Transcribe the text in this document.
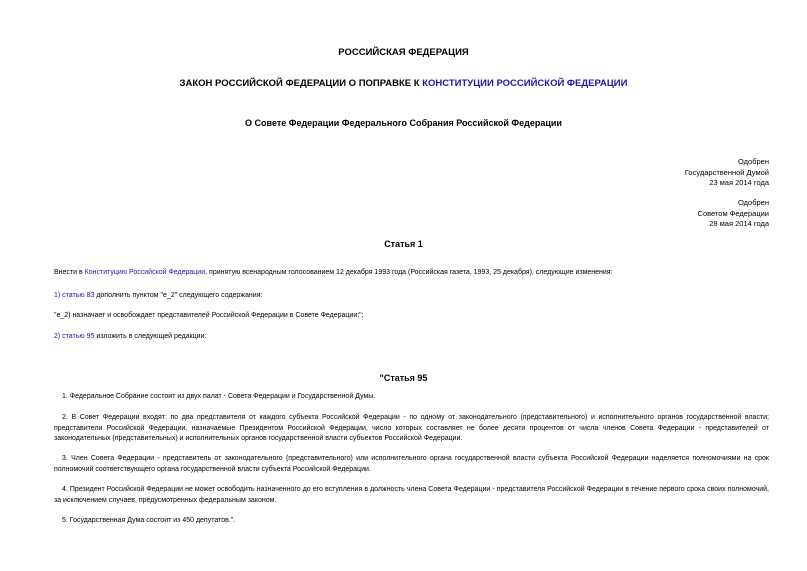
РОССИЙСКАЯ ФЕДЕРАЦИЯ
ЗАКОН РОССИЙСКОЙ ФЕДЕРАЦИИ О ПОПРАВКЕ К КОНСТИТУЦИИ РОССИЙСКОЙ ФЕДЕРАЦИИ
О Совете Федерации Федерального Собрания Российской Федерации
Одобрен
Государственной Думой
23 мая 2014 года
Одобрен
Советом Федерации
28 мая 2014 года
Статья 1
Внести в Конституцию Российской Федерации, принятую всенародным голосованием 12 декабря 1993 года (Российская газета, 1993, 25 декабря), следующие изменения:
1) статью 83 дополнить пунктом "е_2" следующего содержания:
"е_2) назначает и освобождает представителей Российской Федерации в Совете Федерации;";
2) статью 95 изложить в следующей редакции:
"Статья 95
1. Федеральное Собрание состоит из двух палат - Совета Федерации и Государственной Думы.
2. В Совет Федерации входят: по два представителя от каждого субъекта Российской Федерации - по одному от законодательного (представительного) и исполнительного органов государственной власти; представители Российской Федерации, назначаемые Президентом Российской Федерации, число которых составляет не более десяти процентов от числа членов Совета Федерации - представителей от законодательных (представительных) и исполнительных органов государственной власти субъектов Российской Федерации.
3. Член Совета Федерации - представитель от законодательного (представительного) или исполнительного органа государственной власти субъекта Российской Федерации наделяется полномочиями на срок полномочий соответствующего органа государственной власти субъекта Российской Федерации.
4. Президент Российской Федерации не может освободить назначенного до его вступления в должность члена Совета Федерации - представителя Российской Федерации в течение первого срока своих полномочий, за исключением случаев, предусмотренных федеральным законом.
5. Государственная Дума состоит из 450 депутатов.".
